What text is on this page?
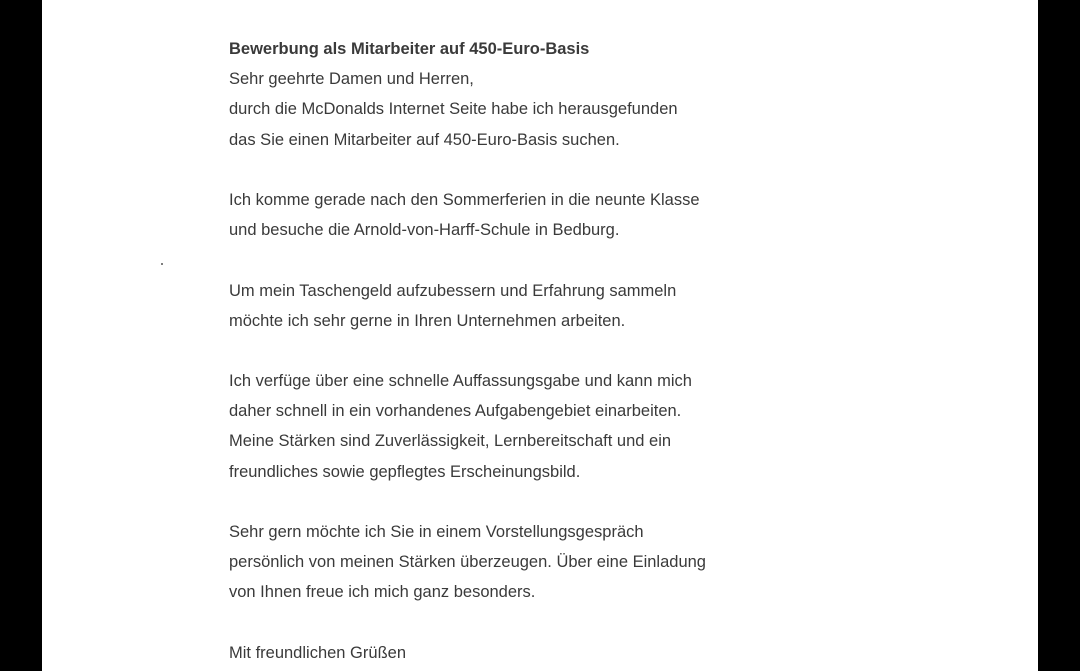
Bewerbung als Mitarbeiter auf 450-Euro-Basis
Sehr geehrte Damen und Herren,
durch die McDonalds Internet Seite habe ich herausgefunden
das Sie einen Mitarbeiter auf 450-Euro-Basis suchen.
Ich komme gerade nach den Sommerferien in die neunte Klasse
und besuche die Arnold-von-Harff-Schule in Bedburg.
Um mein Taschengeld aufzubessern und Erfahrung sammeln
möchte ich sehr gerne in Ihren Unternehmen arbeiten.
Ich verfüge über eine schnelle Auffassungsgabe und kann mich
daher schnell in ein vorhandenes Aufgabengebiet einarbeiten.
Meine Stärken sind Zuverlässigkeit, Lernbereitschaft und ein
freundliches sowie gepflegtes Erscheinungsbild.
Sehr gern möchte ich Sie in einem Vorstellungsgespräch
persönlich von meinen Stärken überzeugen. Über eine Einladung
von Ihnen freue ich mich ganz besonders.
Mit freundlichen Grüßen
